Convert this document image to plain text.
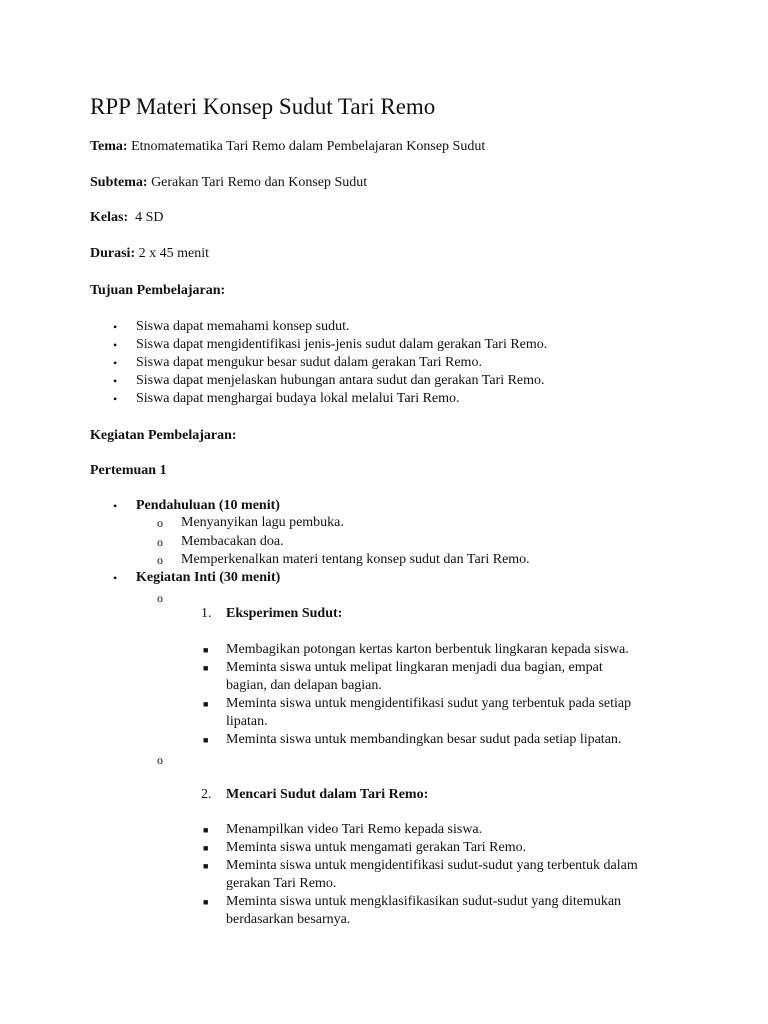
RPP Materi Konsep Sudut Tari Remo
Tema: Etnomatematika Tari Remo dalam Pembelajaran Konsep Sudut
Subtema: Gerakan Tari Remo dan Konsep Sudut
Kelas:  4 SD
Durasi: 2 x 45 menit
Tujuan Pembelajaran:
• Siswa dapat memahami konsep sudut.
• Siswa dapat mengidentifikasi jenis-jenis sudut dalam gerakan Tari Remo.
• Siswa dapat mengukur besar sudut dalam gerakan Tari Remo.
• Siswa dapat menjelaskan hubungan antara sudut dan gerakan Tari Remo.
• Siswa dapat menghargai budaya lokal melalui Tari Remo.
Kegiatan Pembelajaran:
Pertemuan 1
• Pendahuluan (10 menit)
o Menyanyikan lagu pembuka.
o Membacakan doa.
o Memperkenalkan materi tentang konsep sudut dan Tari Remo.
• Kegiatan Inti (30 menit)
o
1. Eksperimen Sudut:
■ Membagikan potongan kertas karton berbentuk lingkaran kepada siswa.
■ Meminta siswa untuk melipat lingkaran menjadi dua bagian, empat
bagian, dan delapan bagian.
■ Meminta siswa untuk mengidentifikasi sudut yang terbentuk pada setiap
lipatan.
■ Meminta siswa untuk membandingkan besar sudut pada setiap lipatan.
o
2. Mencari Sudut dalam Tari Remo:
■ Menampilkan video Tari Remo kepada siswa.
■ Meminta siswa untuk mengamati gerakan Tari Remo.
■ Meminta siswa untuk mengidentifikasi sudut-sudut yang terbentuk dalam
gerakan Tari Remo.
■ Meminta siswa untuk mengklasifikasikan sudut-sudut yang ditemukan
berdasarkan besarnya.
